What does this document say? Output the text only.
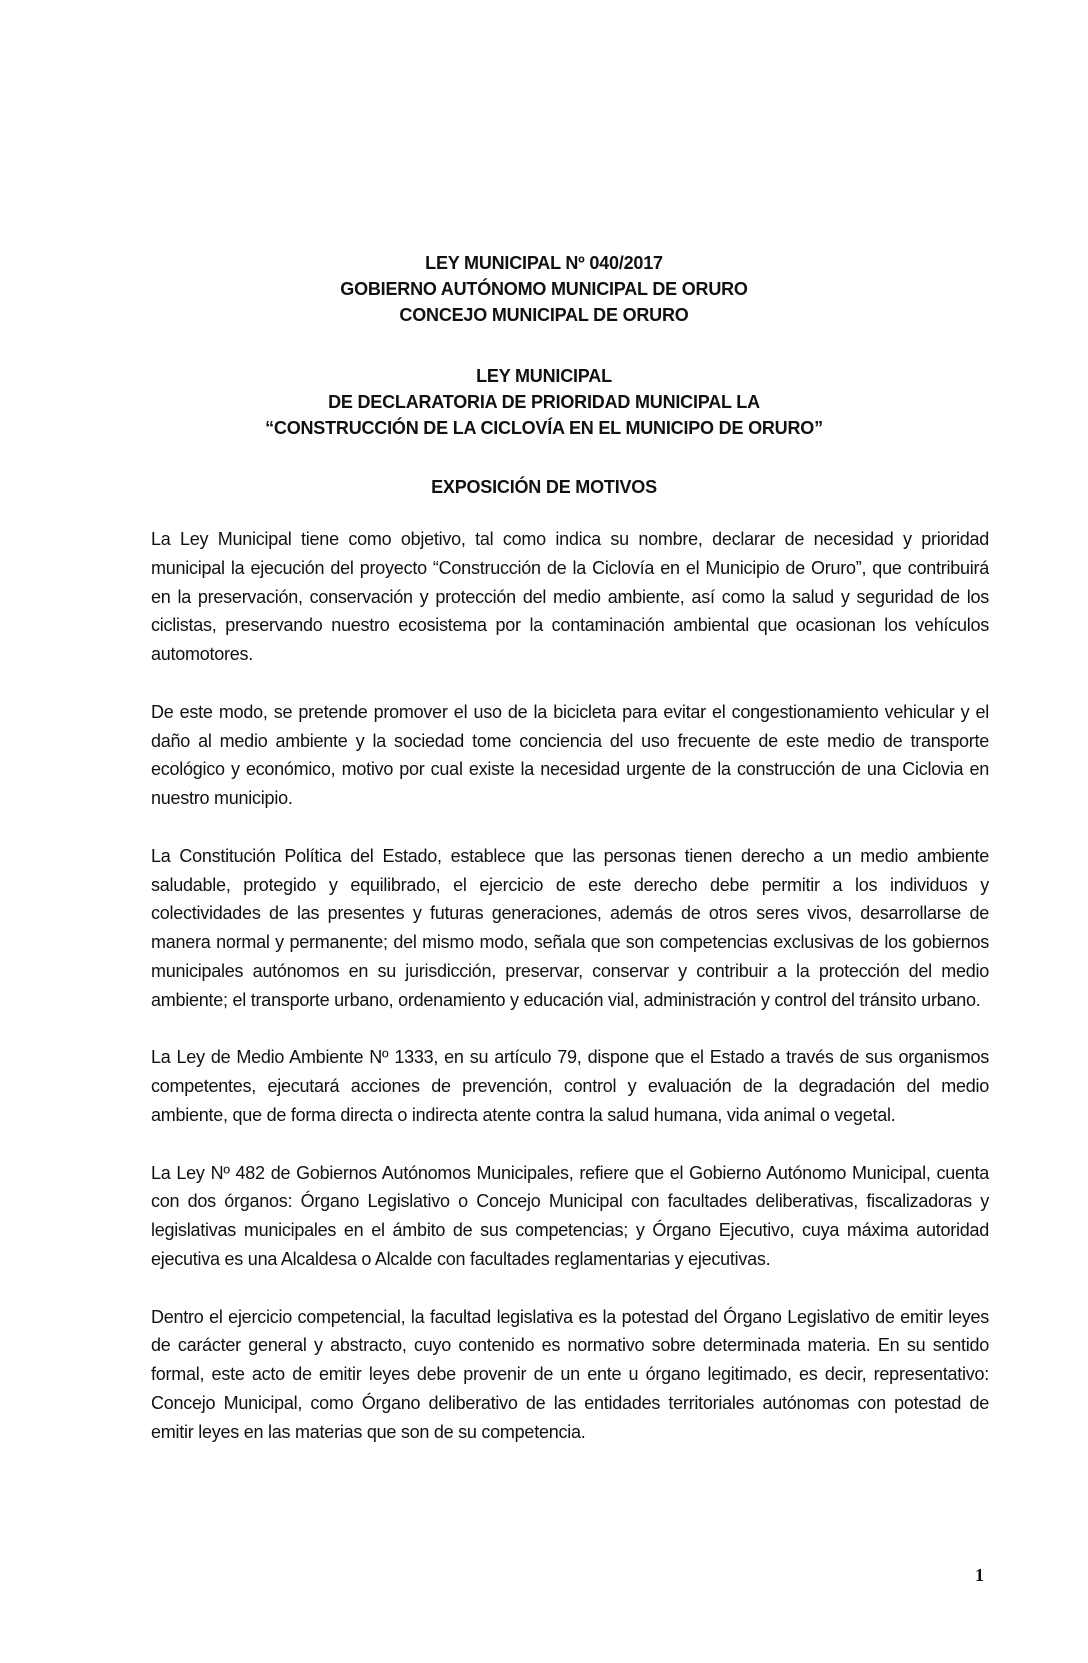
LEY MUNICIPAL Nº 040/2017
GOBIERNO AUTÓNOMO MUNICIPAL DE ORURO
CONCEJO MUNICIPAL DE ORURO
LEY MUNICIPAL
DE DECLARATORIA DE PRIORIDAD MUNICIPAL LA
“CONSTRUCCIÓN DE LA CICLOVÍA EN EL MUNICIPO DE ORURO”
EXPOSICIÓN DE MOTIVOS

La Ley Municipal tiene como objetivo, tal como indica su nombre, declarar de necesidad y prioridad municipal la ejecución del proyecto “Construcción de la Ciclovía en el Municipio de Oruro”, que contribuirá en la preservación, conservación y protección del medio ambiente, así como la salud y seguridad de los ciclistas, preservando nuestro ecosistema por la contaminación ambiental que ocasionan los vehículos automotores.

De este modo, se pretende promover el uso de la bicicleta para evitar el congestionamiento vehicular y el daño al medio ambiente y la sociedad tome conciencia del uso frecuente de este medio de transporte ecológico y económico, motivo por cual existe la necesidad urgente de la construcción de una Ciclovia en nuestro municipio.

La Constitución Política del Estado, establece que las personas tienen derecho a un medio ambiente saludable, protegido y equilibrado, el ejercicio de este derecho debe permitir a los individuos y colectividades de las presentes y futuras generaciones, además de otros seres vivos, desarrollarse de manera normal y permanente; del mismo modo, señala que son competencias exclusivas de los gobiernos municipales autónomos en su jurisdicción, preservar, conservar y contribuir a la protección del medio ambiente; el transporte urbano, ordenamiento y educación vial, administración y control del tránsito urbano.

La Ley de Medio Ambiente Nº 1333, en su artículo 79, dispone que el Estado a través de sus organismos competentes, ejecutará acciones de prevención, control y evaluación de la degradación del medio ambiente, que de forma directa o indirecta atente contra la salud humana, vida animal o vegetal.

La Ley Nº 482 de Gobiernos Autónomos Municipales, refiere que el Gobierno Autónomo Municipal, cuenta con dos órganos: Órgano Legislativo o Concejo Municipal con facultades deliberativas, fiscalizadoras y legislativas municipales en el ámbito de sus competencias; y Órgano Ejecutivo, cuya máxima autoridad ejecutiva es una Alcaldesa o Alcalde con facultades reglamentarias y ejecutivas.

Dentro el ejercicio competencial, la facultad legislativa es la potestad del Órgano Legislativo de emitir leyes de carácter general y abstracto, cuyo contenido es normativo sobre determinada materia. En su sentido formal, este acto de emitir leyes debe provenir de un ente u órgano legitimado, es decir, representativo: Concejo Municipal, como Órgano deliberativo de las entidades territoriales autónomas con potestad de emitir leyes en las materias que son de su competencia.

1
